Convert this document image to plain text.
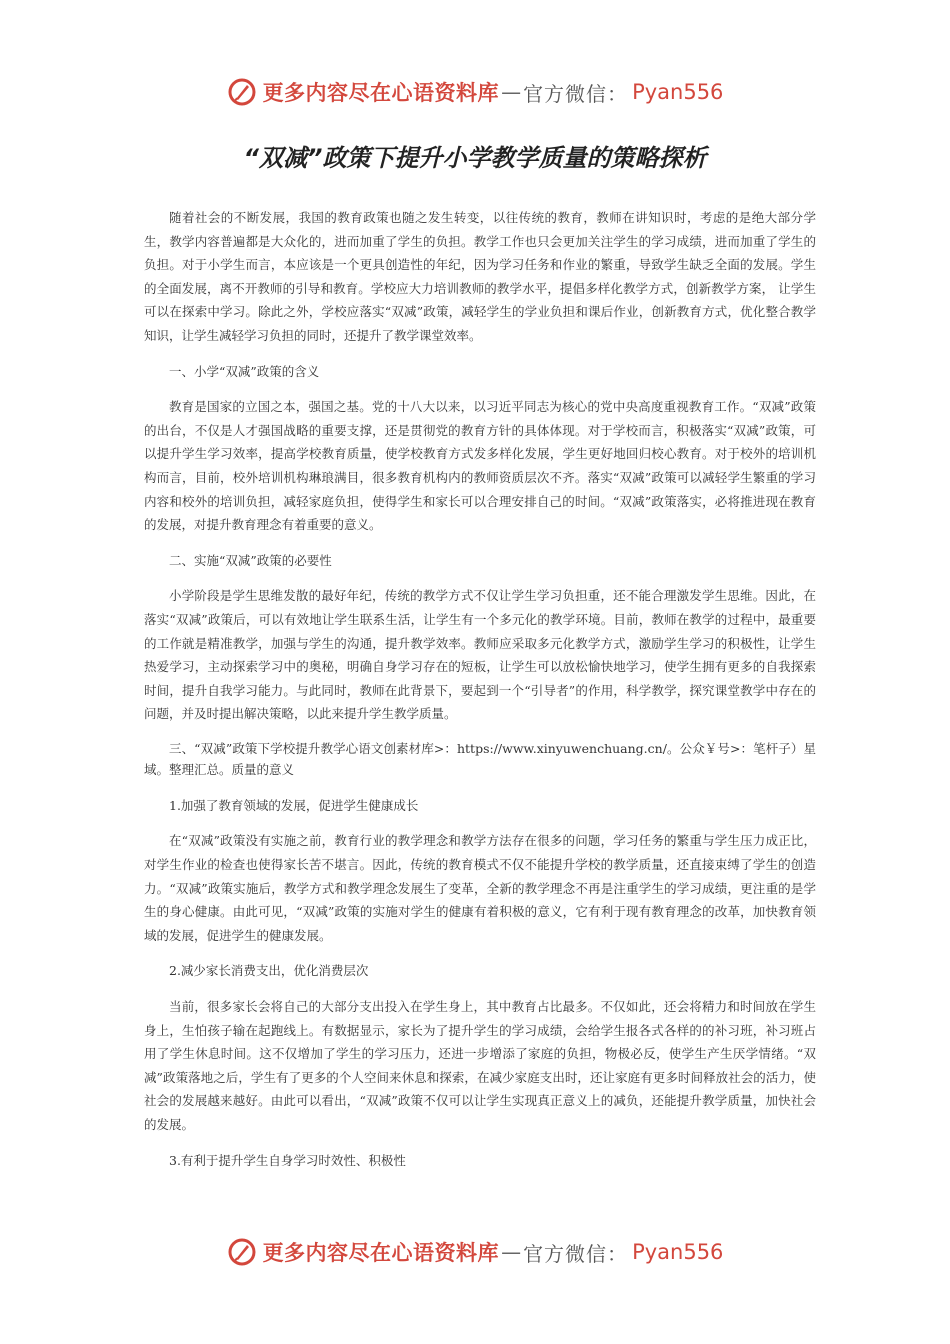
更多内容尽在心语资料库 — 官方微信： Pyan556
“双减”政策下提升小学教学质量的策略探析

随着社会的不断发展，我国的教育政策也随之发生转变，以往传统的教育，教师在讲知识时，考虑的是绝大部分学生，教学内容普遍都是大众化的，进而加重了学生的负担。教学工作也只会更加关注学生的学习成绩，进而加重了学生的负担。对于小学生而言，本应该是一个更具创造性的年纪，因为学习任务和作业的繁重，导致学生缺乏全面的发展。学生的全面发展，离不开教师的引导和教育。学校应大力培训教师的教学水平，提倡多样化教学方式，创新教学方案， 让学生可以在探索中学习。除此之外，学校应落实“双减”政策，减轻学生的学业负担和课后作业，创新教育方式，优化整合教学知识，让学生减轻学习负担的同时，还提升了教学课堂效率。

一、小学“双减”政策的含义

教育是国家的立国之本，强国之基。党的十八大以来，以习近平同志为核心的党中央高度重视教育工作。“双减”政策的出台，不仅是人才强国战略的重要支撑，还是贯彻党的教育方针的具体体现。对于学校而言，积极落实“双减”政策，可以提升学生学习效率，提高学校教育质量，使学校教育方式发多样化发展，学生更好地回归校心教育。对于校外的培训机构而言，目前，校外培训机构琳琅满目，很多教育机构内的教师资质层次不齐。落实“双减”政策可以减轻学生繁重的学习内容和校外的培训负担，减轻家庭负担，使得学生和家长可以合理安排自己的时间。“双减”政策落实，必将推进现在教育的发展，对提升教育理念有着重要的意义。

二、实施“双减”政策的必要性

小学阶段是学生思维发散的最好年纪，传统的教学方式不仅让学生学习负担重，还不能合理激发学生思维。因此，在落实“双减”政策后，可以有效地让学生联系生活，让学生有一个多元化的教学环境。目前，教师在教学的过程中，最重要的工作就是精准教学，加强与学生的沟通，提升教学效率。教师应采取多元化教学方式，激励学生学习的积极性，让学生热爱学习，主动探索学习中的奥秘，明确自身学习存在的短板，让学生可以放松愉快地学习，使学生拥有更多的自我探索时间，提升自我学习能力。与此同时，教师在此背景下，要起到一个“引导者”的作用，科学教学，探究课堂教学中存在的问题，并及时提出解决策略，以此来提升学生教学质量。

三、“双减”政策下学校提升教学心语文创素材库>：https://www.xinyuwenchuang.cn/。公众￥号>：笔杆子）星域。整理汇总。质量的意义
1.加强了教育领域的发展，促进学生健康成长

在“双减”政策没有实施之前，教育行业的教学理念和教学方法存在很多的问题，学习任务的繁重与学生压力成正比， 对学生作业的检查也使得家长苦不堪言。因此，传统的教育模式不仅不能提升学校的教学质量，还直接束缚了学生的创造力。“双减”政策实施后，教学方式和教学理念发展生了变革，全新的教学理念不再是注重学生的学习成绩，更注重的是学生的身心健康。由此可见，“双减”政策的实施对学生的健康有着积极的意义，它有利于现有教育理念的改革，加快教育领域的发展，促进学生的健康发展。

2.减少家长消费支出，优化消费层次

当前，很多家长会将自己的大部分支出投入在学生身上，其中教育占比最多。不仅如此，还会将精力和时间放在学生身上，生怕孩子输在起跑线上。有数据显示，家长为了提升学生的学习成绩，会给学生报各式各样的的补习班，补习班占用了学生休息时间。这不仅增加了学生的学习压力，还进一步增添了家庭的负担，物极必反，使学生产生厌学情绪。“双减”政策落地之后，学生有了更多的个人空间来休息和探索，在减少家庭支出时，还让家庭有更多时间释放社会的活力，使社会的发展越来越好。由此可以看出，“双减”政策不仅可以让学生实现真正意义上的减负，还能提升教学质量，加快社会的发展。

3.有利于提升学生自身学习时效性、积极性
更多内容尽在心语资料库 — 官方微信： Pyan556
